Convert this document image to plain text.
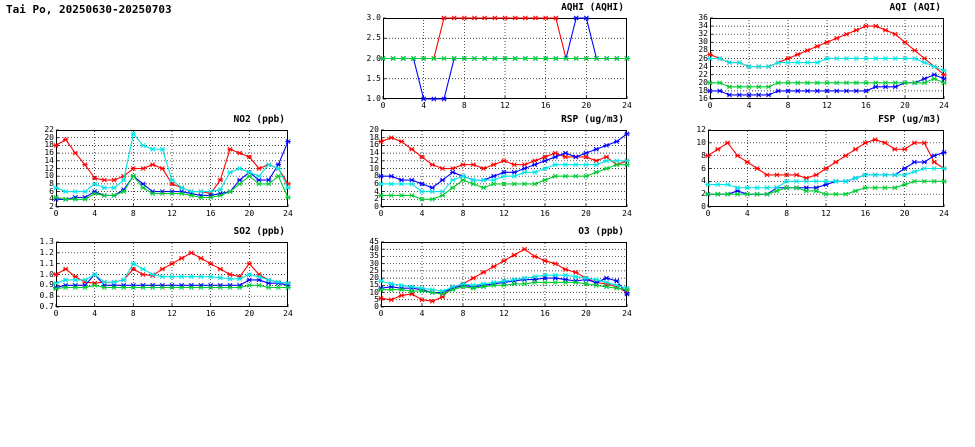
Tai Po, 20250630-20250703
NO2 (ppb)
2
4
6
8
10
12
14
16
18
20
22
0	4	8	12	16	20	24
SO2 (ppb)
0.7
0.8
0.9
1.0
1.1
1.2
1.3
0	4	8	12	16	20	24
AQHI (AQHI)
1.0
1.5
2.0
2.5
3.0
0	4	8	12	16	20	24
RSP (ug/m3)
0
2
4
6
8
10
12
14
16
18
20
0	4	8	12	16	20	24
O3 (ppb)
0
5
10
15
20
25
30
35
40
45
0	4	8	12	16	20	24
AQI (AQI)
16
18
20
22
24
26
28
30
32
34
36
0	4	8	12	16	20	24
FSP (ug/m3)
0
2
4
6
8
10
12
0	4	8	12	16	20	24
